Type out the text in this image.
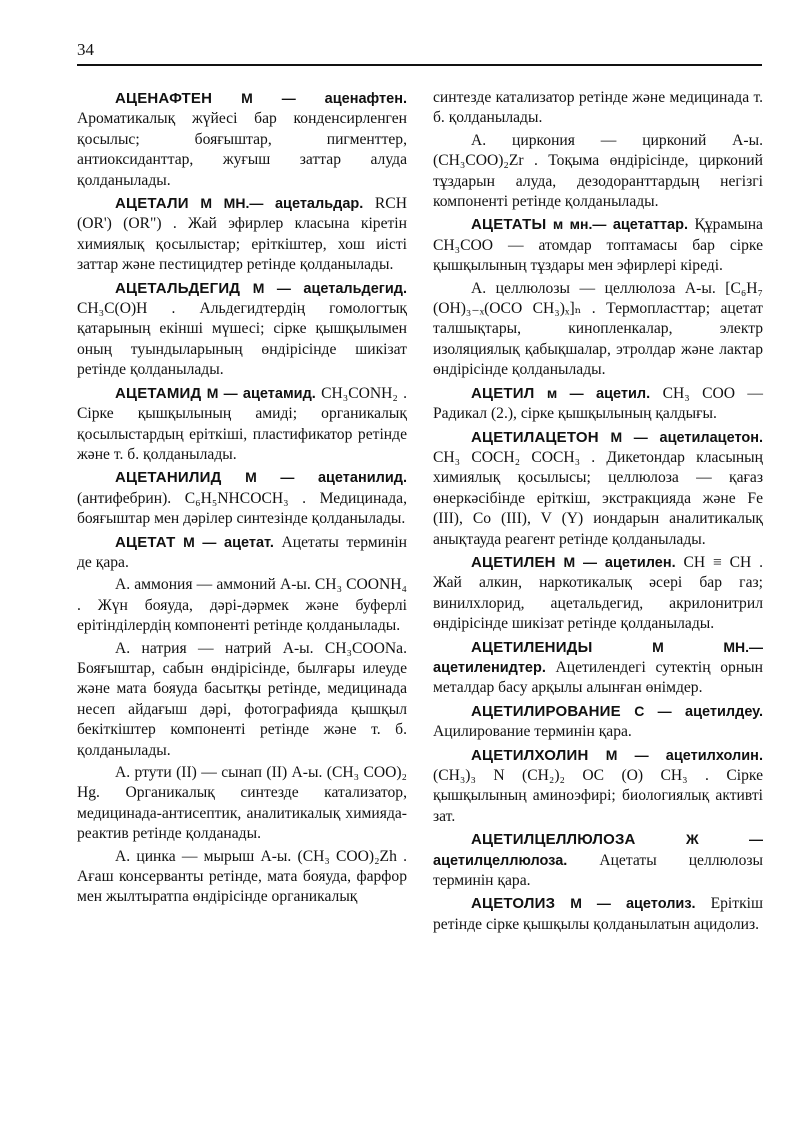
34

АЦЕНАФТЕН М — аценафтен. Ароматикалық жүйесі бар конденсирленген қосылыс; бояғыштар, пигменттер, антиоксиданттар, жуғыш заттар алуда қолданылады.

АЦЕТАЛИ М МН.— ацетальдар. RCH (OR') (OR") . Жай эфирлер класына кіретін химиялық қосылыстар; еріткіштер, хош иісті заттар және пестицидтер ретінде қолданылады.

АЦЕТАЛЬДЕГИД М — ацетальдегид. CH₃C(O)H . Альдегидтердің гомологтық қатарының екінші мүшесі; сірке қышқылымен оның туындыларының өндірісінде шикізат ретінде қолданылады.

АЦЕТАМИД М — ацетамид. CH₃CONH₂ . Сірке қышқылының амиді; органикалық қосылыстардың еріткіші, пластификатор ретінде және т. б. қолданылады.

АЦЕТАНИЛИД М — ацетанилид. (антифебрин). C₆H₅NHCOCH₃ . Медицинада, бояғыштар мен дәрілер синтезінде қолданылады.

АЦЕТАТ М — ацетат. Ацетаты терминін де қара.

А. аммония — аммоний А-ы. CH₃ COONH₄ . Жүн бояуда, дәрі-дәрмек және буферлі ерітінділердің компоненті ретінде қолданылады.

А. натрия — натрий А-ы. CH₃COONa. Бояғыштар, сабын өндірісінде, былғары илеуде және мата бояуда басытқы ретінде, медицинада несеп айдағыш дәрі, фотографияда қышқыл бекіткіштер компоненті ретінде және т. б. қолданылады.

А. ртути (II) — сынап (II) А-ы. (CH₃ COO)₂ Hg. Органикалық синтезде катализатор, медицинада-антисептик, аналитикалық химияда-реактив ретінде қолданады.

А. цинка — мырыш А-ы. (CH₃ COO)₂Zh . Ағаш консерванты ретінде, мата бояуда, фарфор мен жылтыратпа өндірісінде органикалық

синтезде катализатор ретінде және медицинада т. б. қолданылады.

А. циркония — цирконий А-ы. (CH₃COO)₂Zr . Тоқыма өндірісінде, цирконий тұздарын алуда, дезодоранттардың негізгі компоненті ретінде қолданылады.

АЦЕТАТЫ м мн.— ацетаттар. Құрамына CH₃COO — атомдар топтамасы бар сірке қышқылының тұздары мен эфирлері кіреді.

А. целлюлозы — целлюлоза А-ы. [C₆H₇ (OH)₃₋ₓ(OCO CH₃)ₓ]ₙ . Термопласттар; ацетат талшықтары, кинопленкалар, электр изоляциялық қабықшалар, этролдар және лактар өндірісінде қолданылады.

АЦЕТИЛ м — ацетил. CH₃ COO — Радикал (2.), сірке қышқылының қалдығы.

АЦЕТИЛАЦЕТОН М — ацетилацетон. CH₃ COCH₂ COCH₃ . Дикетондар класының химиялық қосылысы; целлюлоза — қағаз өнеркәсібінде еріткіш, экстракцияда және Fe (III), Co (III), V (Y) иондарын аналитикалық анықтауда реагент ретінде қолданылады.

АЦЕТИЛЕН М — ацетилен. CH ≡ CH . Жай алкин, наркотикалық әсері бар газ; винилхлорид, ацетальдегид, акрилонитрил өндірісінде шикізат ретінде қолданылады.

АЦЕТИЛЕНИДЫ	М МН.— ацетиленидтер. Ацетилендегі сутектің орнын металдар басу арқылы алынған өнімдер.

АЦЕТИЛИРОВАНИЕ С — ацетилдеу. Ацилирование терминін қара.

АЦЕТИЛХОЛИН М — ацетилхолин. (CH₃)₃ N (CH₂)₂ OC (O) CH₃ . Сірке қышқылының аминоэфирі; биологиялық активті зат.

АЦЕТИЛЦЕЛЛЮЛОЗА	Ж — ацетилцеллюлоза. Ацетаты целлюлозы терминін қара.

АЦЕТОЛИЗ М — ацетолиз. Еріткіш ретінде сірке қышқылы қолданылатын ацидолиз.
